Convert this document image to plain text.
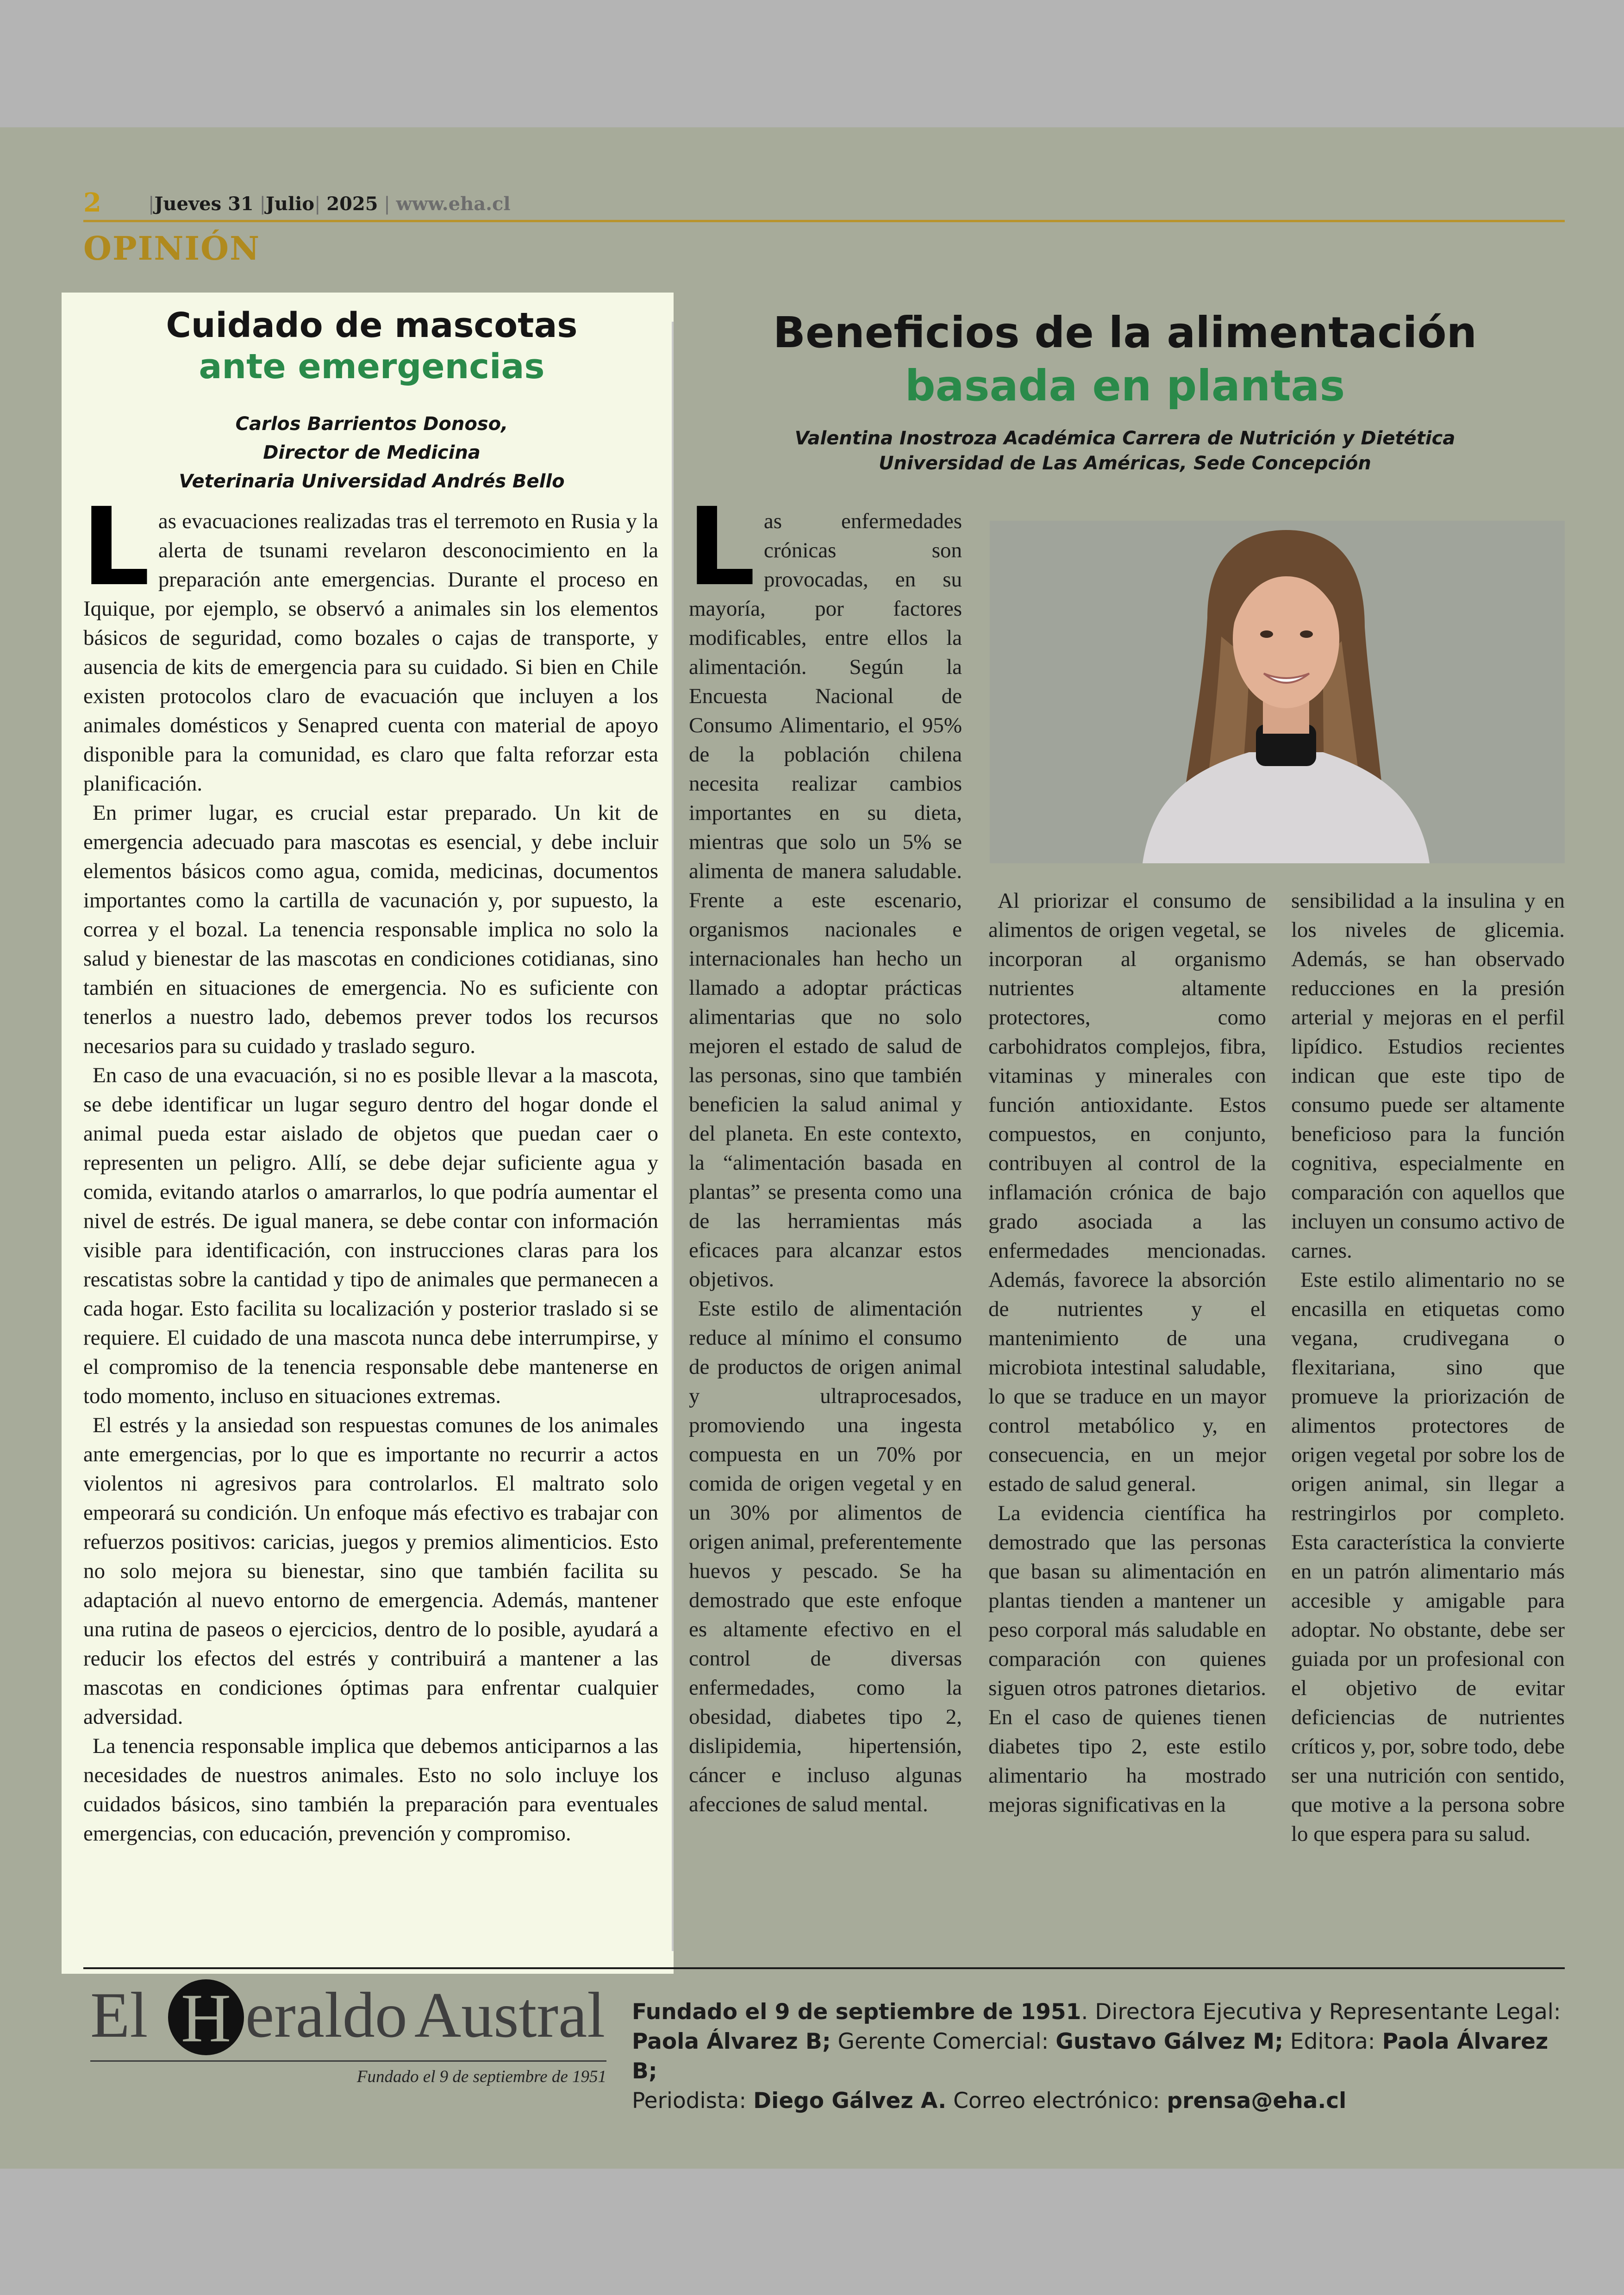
2	|Jueves 31 |Julio| 2025 | www.eha.cl
OPINIÓN
Cuidado de mascotas
ante emergencias
Carlos Barrientos Donoso,
Director de Medicina
Veterinaria Universidad Andrés Bello

Las evacuaciones realizadas tras el terremoto en Rusia y la alerta de tsunami revelaron desconocimiento en la preparación ante emergencias. Durante el proceso en Iquique, por ejemplo, se observó a animales sin los elementos básicos de seguridad, como bozales o cajas de transporte, y ausencia de kits de emergencia para su cuidado. Si bien en Chile existen protocolos claro de evacuación que incluyen a los animales domésticos y Senapred cuenta con material de apoyo disponible para la comunidad, es claro que falta reforzar esta planificación.

En primer lugar, es crucial estar preparado. Un kit de emergencia adecuado para mascotas es esencial, y debe incluir elementos básicos como agua, comida, medicinas, documentos importantes como la cartilla de vacunación y, por supuesto, la correa y el bozal. La tenencia responsable implica no solo la salud y bienestar de las mascotas en condiciones cotidianas, sino también en situaciones de emergencia. No es suficiente con tenerlos a nuestro lado, debemos prever todos los recursos necesarios para su cuidado y traslado seguro.

En caso de una evacuación, si no es posible llevar a la mascota, se debe identificar un lugar seguro dentro del hogar donde el animal pueda estar aislado de objetos que puedan caer o representen un peligro. Allí, se debe dejar suficiente agua y comida, evitando atarlos o amarrarlos, lo que podría aumentar el nivel de estrés. De igual manera, se debe contar con información visible para identificación, con instrucciones claras para los rescatistas sobre la cantidad y tipo de animales que permanecen a cada hogar. Esto facilita su localización y posterior traslado si se requiere. El cuidado de una mascota nunca debe interrumpirse, y el compromiso de la tenencia responsable debe mantenerse en todo momento, incluso en situaciones extremas.

El estrés y la ansiedad son respuestas comunes de los animales ante emergencias, por lo que es importante no recurrir a actos violentos ni agresivos para controlarlos. El maltrato solo empeorará su condición. Un enfoque más efectivo es trabajar con refuerzos positivos: caricias, juegos y premios alimenticios. Esto no solo mejora su bienestar, sino que también facilita su adaptación al nuevo entorno de emergencia. Además, mantener una rutina de paseos o ejercicios, dentro de lo posible, ayudará a reducir los efectos del estrés y contribuirá a mantener a las mascotas en condiciones óptimas para enfrentar cualquier adversidad.

La tenencia responsable implica que debemos anticiparnos a las necesidades de nuestros animales. Esto no solo incluye los cuidados básicos, sino también la preparación para eventuales emergencias, con educación, prevención y compromiso.

Beneficios de la alimentación
basada en plantas
Valentina Inostroza Académica Carrera de Nutrición y Dietética
Universidad de Las Américas, Sede Concepción

Las enfermedades crónicas son provocadas, en su mayoría, por factores modificables, entre ellos la alimentación. Según la Encuesta Nacional de Consumo Alimentario, el 95% de la población chilena necesita realizar cambios importantes en su dieta, mientras que solo un 5% se alimenta de manera saludable. Frente a este escenario, organismos nacionales e internacionales han hecho un llamado a adoptar prácticas alimentarias que no solo mejoren el estado de salud de las personas, sino que también beneficien la salud animal y del planeta. En este contexto, la “alimentación basada en plantas” se presenta como una de las herramientas más eficaces para alcanzar estos objetivos.

Este estilo de alimentación reduce al mínimo el consumo de productos de origen animal y ultraprocesados, promoviendo una ingesta compuesta en un 70% por comida de origen vegetal y en un 30% por alimentos de origen animal, preferentemente huevos y pescado. Se ha demostrado que este enfoque es altamente efectivo en el control de diversas enfermedades, como la obesidad, diabetes tipo 2, dislipidemia, hipertensión, cáncer e incluso algunas afecciones de salud mental.

Al priorizar el consumo de alimentos de origen vegetal, se incorporan al organismo nutrientes altamente protectores, como carbohidratos complejos, fibra, vitaminas y minerales con función antioxidante. Estos compuestos, en conjunto, contribuyen al control de la inflamación crónica de bajo grado asociada a las enfermedades mencionadas. Además, favorece la absorción de nutrientes y el mantenimiento de una microbiota intestinal saludable, lo que se traduce en un mayor control metabólico y, en consecuencia, en un mejor estado de salud general.

La evidencia científica ha demostrado que las personas que basan su alimentación en plantas tienden a mantener un peso corporal más saludable en comparación con quienes siguen otros patrones dietarios. En el caso de quienes tienen diabetes tipo 2, este estilo alimentario ha mostrado mejoras significativas en la

sensibilidad a la insulina y en los niveles de glicemia. Además, se han observado reducciones en la presión arterial y mejoras en el perfil lipídico. Estudios recientes indican que este tipo de consumo puede ser altamente beneficioso para la función cognitiva, especialmente en comparación con aquellos que incluyen un consumo activo de carnes.

Este estilo alimentario no se encasilla en etiquetas como vegana, crudivegana o flexitariana, sino que promueve la priorización de alimentos protectores de origen vegetal por sobre los de origen animal, sin llegar a restringirlos por completo. Esta característica la convierte en un patrón alimentario más accesible y amigable para adoptar. No obstante, debe ser guiada por un profesional con el objetivo de evitar deficiencias de nutrientes críticos y, por, sobre todo, debe ser una nutrición con sentido, que motive a la persona sobre lo que espera para su salud.

El H eraldo Austral
Fundado el 9 de septiembre de 1951
Fundado el 9 de septiembre de 1951. Directora Ejecutiva y Representante Legal:
Paola Álvarez B; Gerente Comercial: Gustavo Gálvez M; Editora: Paola Álvarez B;
Periodista: Diego Gálvez A. Correo electrónico: prensa@eha.cl
